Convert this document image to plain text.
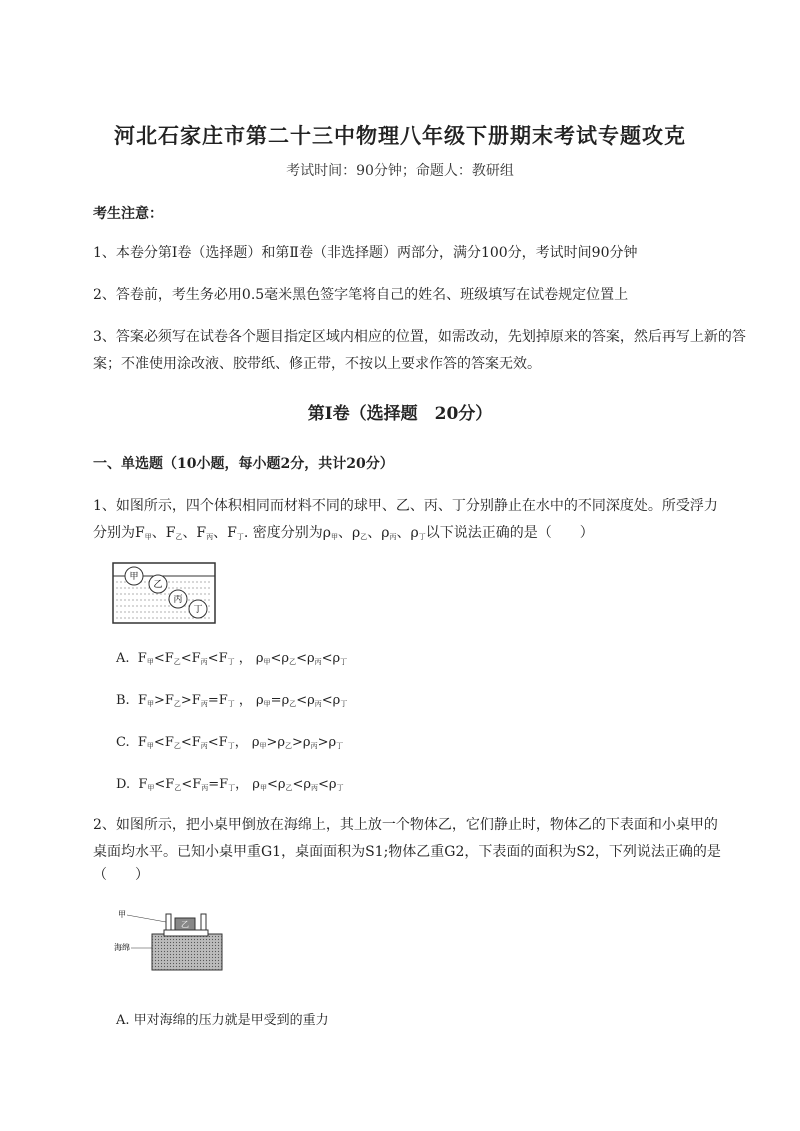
河北石家庄市第二十三中物理八年级下册期末考试专题攻克
考试时间：90分钟；命题人：教研组
考生注意：
1、本卷分第Ⅰ卷（选择题）和第Ⅱ卷（非选择题）两部分，满分100分，考试时间90分钟
2、答卷前，考生务必用0.5毫米黑色签字笔将自己的姓名、班级填写在试卷规定位置上
3、答案必须写在试卷各个题目指定区域内相应的位置，如需改动，先划掉原来的答案，然后再写上新的答案；不准使用涂改液、胶带纸、修正带，不按以上要求作答的答案无效。
第Ⅰ卷（选择题　20分）
一、单选题（10小题，每小题2分，共计20分）
1、如图所示，四个体积相同而材料不同的球甲、乙、丙、丁分别静止在水中的不同深度处。所受浮力
分别为$F_甲$、$F_乙$、$F_丙$、$F_丁$. 密度分别为$\rho_甲$、$\rho_乙$、$\rho_丙$、$\rho_丁$以下说法正确的是（　　）
甲
乙
丙
丁
A.  $F_甲<F_乙<F_丙<F_丁$ ， $\rho_甲<\rho_乙<\rho_丙<\rho_丁$
B.  $F_甲>F_乙>F_丙=F_丁$ ， $\rho_甲=\rho_乙<\rho_丙<\rho_丁$
C.  $F_甲<F_乙<F_丙<F_丁$， $\rho_甲>\rho_乙>\rho_丙>\rho_丁$
D.  $F_甲<F_乙<F_丙=F_丁$， $\rho_甲<\rho_乙<\rho_丙<\rho_丁$
2、如图所示，把小桌甲倒放在海绵上，其上放一个物体乙，它们静止时，物体乙的下表面和小桌甲的
桌面均水平。已知小桌甲重G1，桌面面积为S1;物体乙重G2，下表面的面积为S2，下列说法正确的是
（　　）
甲
海绵
乙
A. 甲对海绵的压力就是甲受到的重力
